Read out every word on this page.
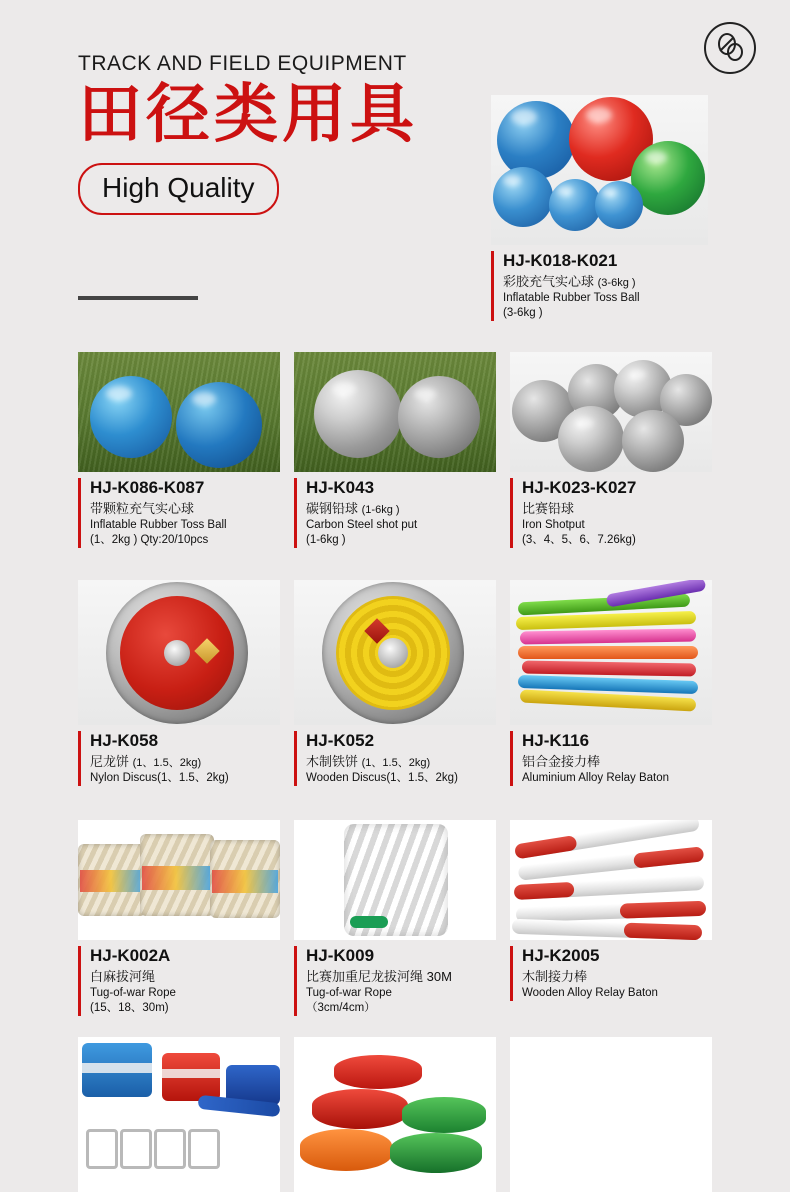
TRACK AND FIELD EQUIPMENT
田径类用具
High Quality
HJ-K018-K021
彩胶充气实心球 (3-6kg )
Inflatable Rubber Toss Ball
(3-6kg )
HJ-K086-K087
带颗粒充气实心球
Inflatable Rubber Toss Ball
(1、2kg ) Qty:20/10pcs
HJ-K043
碳钢铅球 (1-6kg )
Carbon Steel shot put
(1-6kg )
HJ-K023-K027
比赛铅球
Iron Shotput
(3、4、5、6、7.26kg)
HJ-K058
尼龙饼 (1、1.5、2kg)
Nylon Discus(1、1.5、2kg)
HJ-K052
木制铁饼 (1、1.5、2kg)
Wooden Discus(1、1.5、2kg)
HJ-K116
铝合金接力棒
Aluminium Alloy Relay Baton
HJ-K002A
白麻拔河绳
Tug-of-war Rope
(15、18、30m)
HJ-K009
比赛加重尼龙拔河绳 30M
Tug-of-war Rope
（3cm/4cm）
HJ-K2005
木制接力棒
Wooden Alloy Relay Baton
